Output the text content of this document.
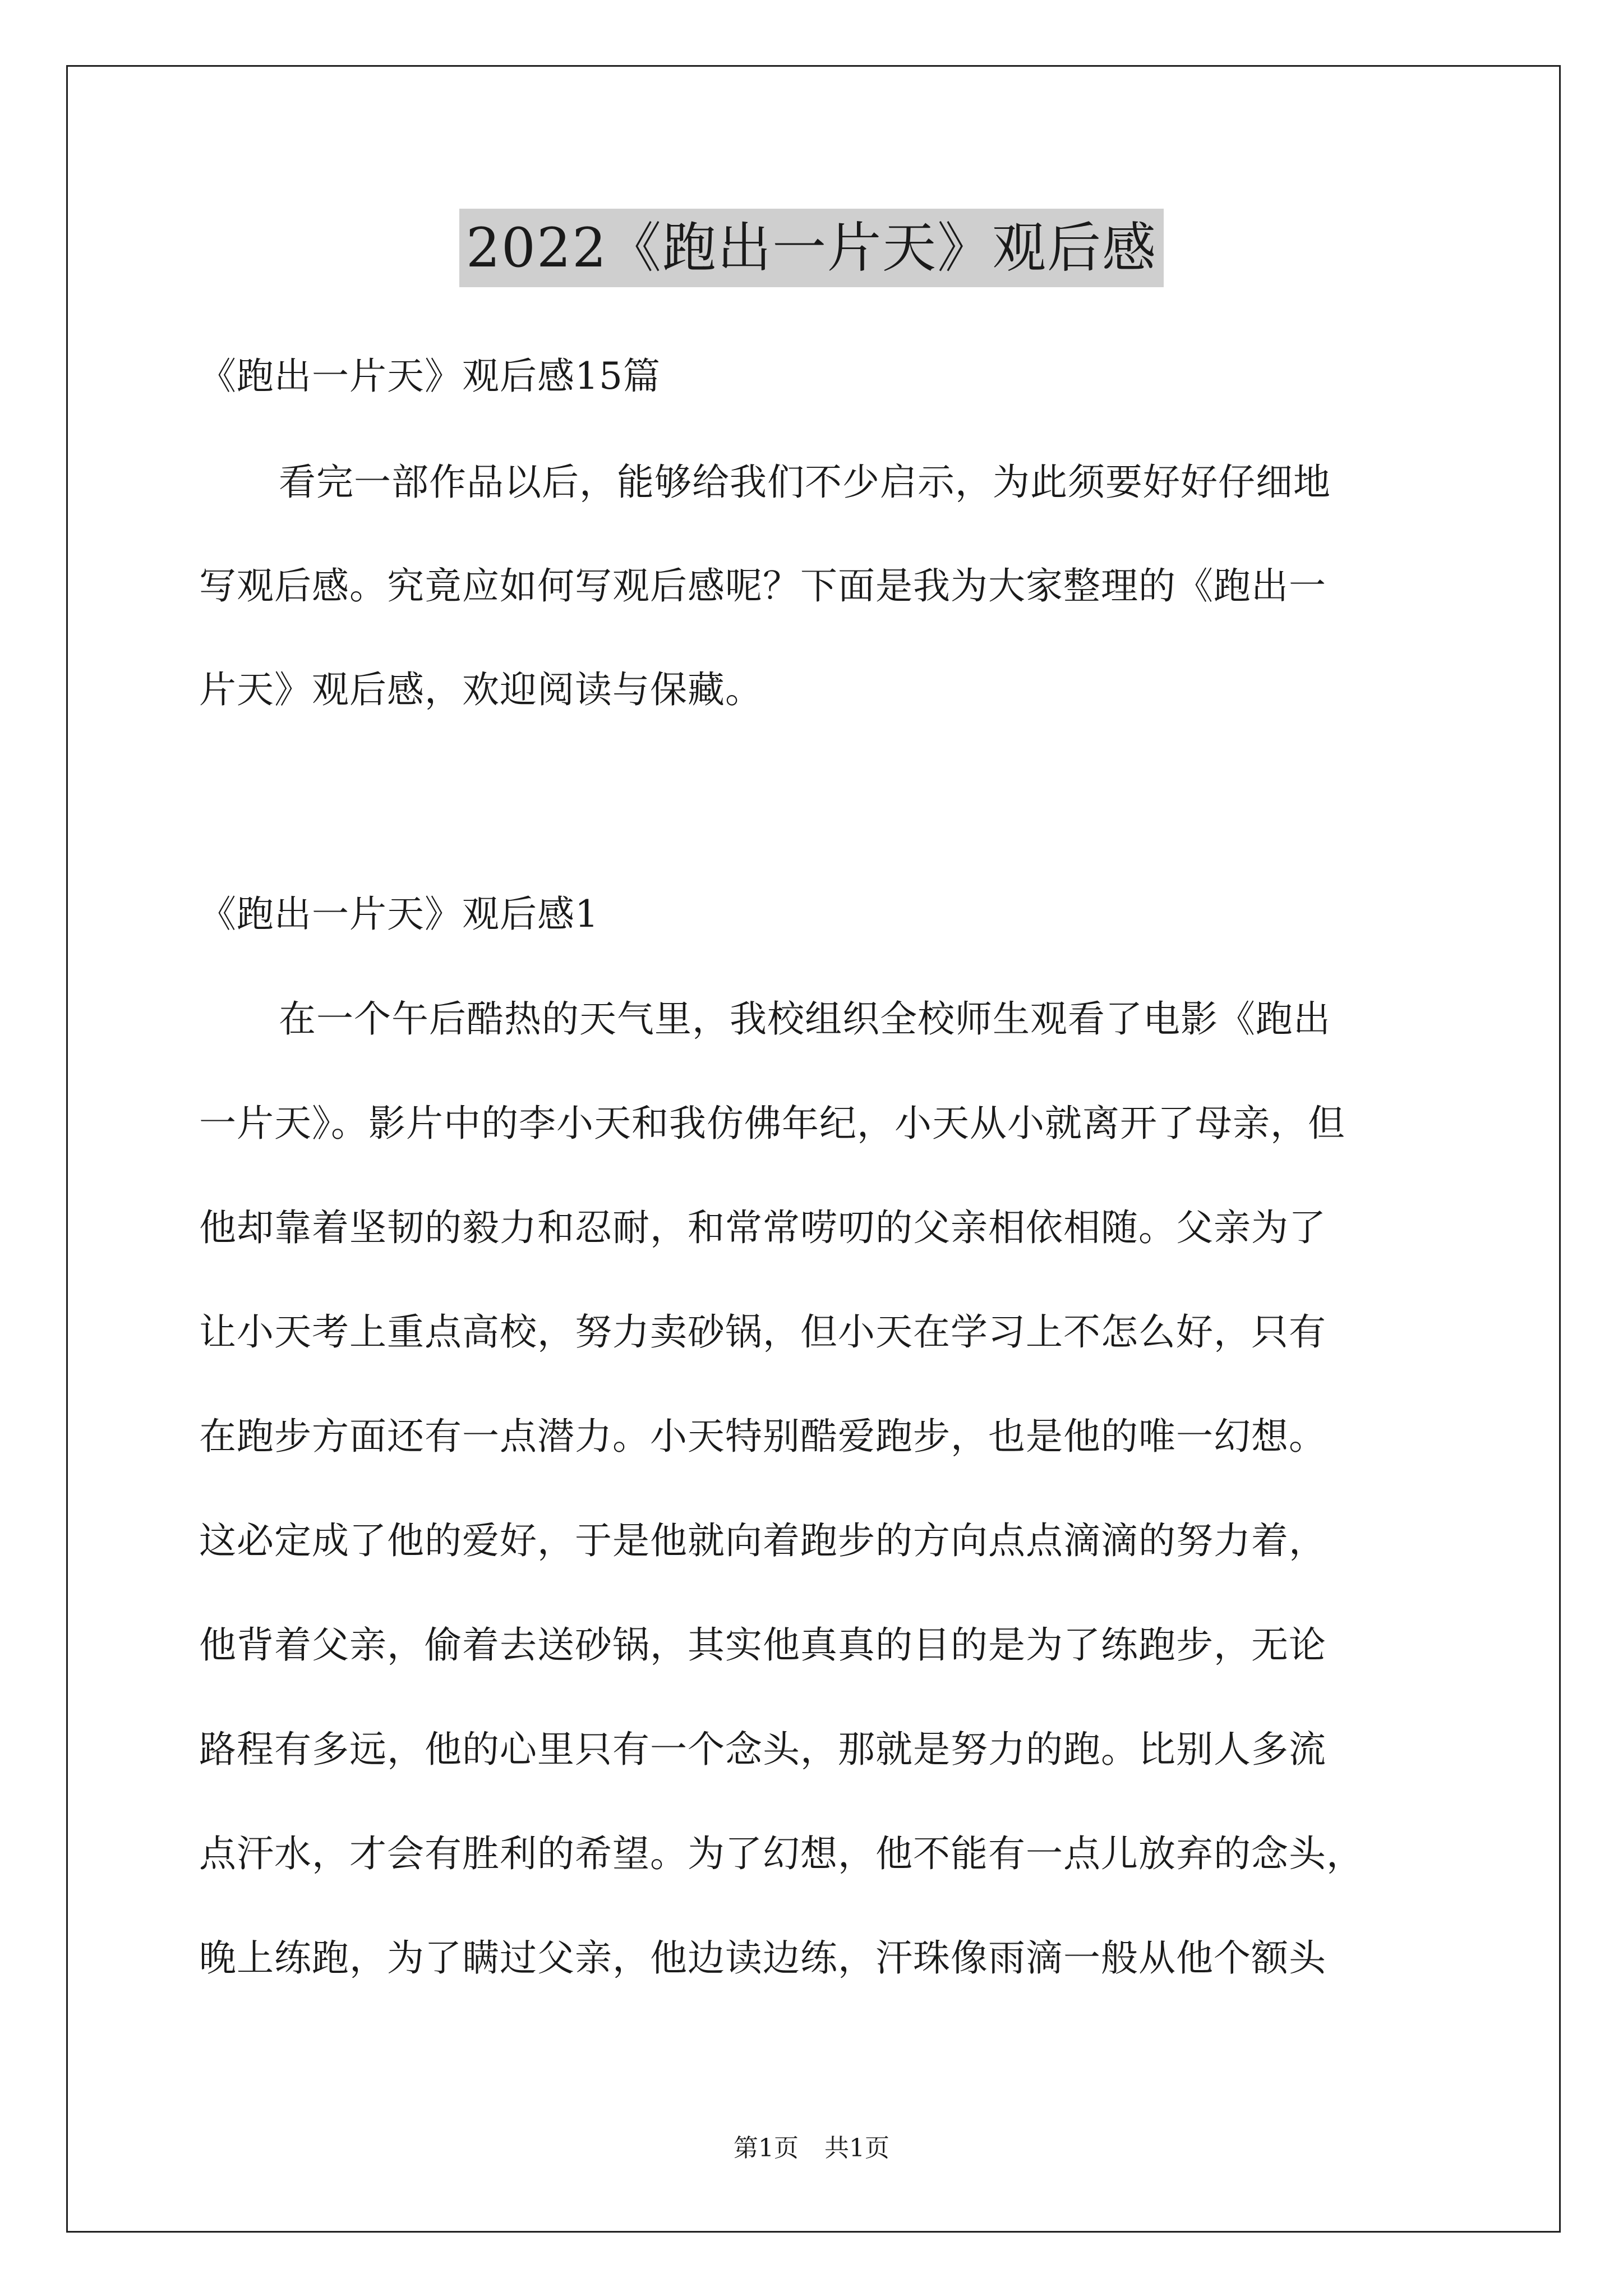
2022《跑出一片天》观后感
《跑出一片天》观后感15篇
看完一部作品以后，能够给我们不少启示，为此须要好好仔细地
写观后感。究竟应如何写观后感呢？下面是我为大家整理的《跑出一
片天》观后感，欢迎阅读与保藏。
《跑出一片天》观后感1
在一个午后酷热的天气里，我校组织全校师生观看了电影《跑出
一片天》。影片中的李小天和我仿佛年纪，小天从小就离开了母亲，但
他却靠着坚韧的毅力和忍耐，和常常唠叨的父亲相依相随。父亲为了
让小天考上重点高校，努力卖砂锅，但小天在学习上不怎么好，只有
在跑步方面还有一点潜力。小天特别酷爱跑步，也是他的唯一幻想。
这必定成了他的爱好，于是他就向着跑步的方向点点滴滴的努力着，
他背着父亲，偷着去送砂锅，其实他真真的目的是为了练跑步，无论
路程有多远，他的心里只有一个念头，那就是努力的跑。比别人多流
点汗水，才会有胜利的希望。为了幻想，他不能有一点儿放弃的念头，
晚上练跑，为了瞒过父亲，他边读边练，汗珠像雨滴一般从他个额头
第1页 共1页
